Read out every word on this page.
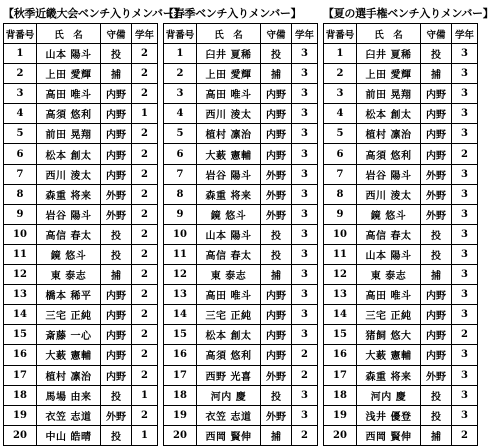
【秋季近畿大会ベンチ入りメンバー】
背番号	氏　名	守備	学年
1	山本 陽斗	投	2
2	上田 愛輝	捕	2
3	高田 唯斗	内野	2
4	高須 悠利	内野	1
5	前田 晃翔	内野	2
6	松本 創太	内野	2
7	西川 淩太	内野	2
8	森重 将来	外野	2
9	岩谷 陽斗	外野	2
10	高信 春太	投	2
11	鏡 悠斗	投	2
12	東 泰志	捕	2
13	橋本 稀平	内野	2
14	三宅 正純	内野	2
15	斎藤 一心	内野	2
16	大薮 憲輔	内野	2
17	植村 凛治	内野	2
18	馬場 由来	投	1
19	衣笠 志道	外野	2
20	中山 皓晴	投	1
【春季ベンチ入りメンバー】
背番号	氏　名	守備	学年
1	臼井 夏稀	投	3
2	上田 愛輝	捕	3
3	高田 唯斗	内野	3
4	西川 淩太	内野	3
5	植村 凛治	内野	3
6	大薮 憲輔	内野	3
7	岩谷 陽斗	外野	3
8	森重 将来	外野	3
9	鏡 悠斗	外野	3
10	山本 陽斗	投	3
11	高信 春太	投	3
12	東 泰志	捕	3
13	高田 唯斗	内野	3
14	三宅 正純	内野	3
15	松本 創太	内野	3
16	高須 悠利	内野	2
17	西野 光喜	外野	2
18	河内 慶	投	3
19	衣笠 志道	外野	3
20	西岡 賢伸	捕	2
【夏の選手権ベンチ入りメンバー】
背番号	氏　名	守備	学年
1	臼井 夏稀	投	3
2	上田 愛輝	捕	3
3	前田 晃翔	内野	3
4	松本 創太	内野	3
5	植村 凛治	内野	3
6	高須 悠利	内野	2
7	岩谷 陽斗	外野	3
8	西川 淩太	外野	3
9	鏡 悠斗	外野	3
10	高信 春太	投	3
11	山本 陽斗	投	3
12	東 泰志	捕	3
13	高田 唯斗	内野	3
14	三宅 正純	内野	3
15	猪飼 悠大	内野	2
16	大薮 憲輔	内野	3
17	森重 将来	外野	3
18	河内 慶	投	3
19	浅井 優登	投	3
20	西岡 賢伸	捕	2
